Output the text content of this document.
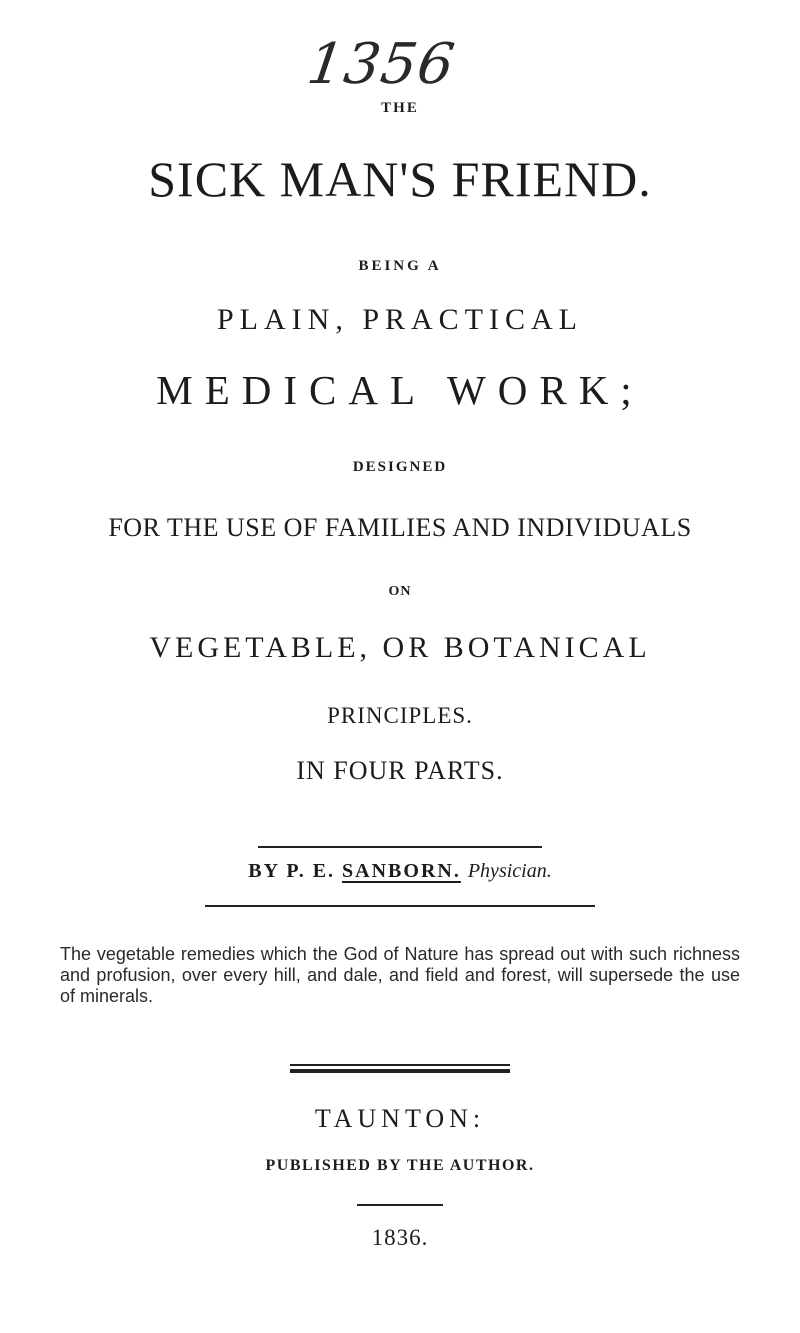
1356
THE
SICK MAN'S FRIEND.
BEING A
PLAIN, PRACTICAL
MEDICAL WORK;
DESIGNED
FOR THE USE OF FAMILIES AND INDIVIDUALS
ON
VEGETABLE, OR BOTANICAL
PRINCIPLES.
IN FOUR PARTS.
BY P. E. SANBORN. Physician.
The vegetable remedies which the God of Nature has spread out with such richness and profusion, over every hill, and dale, and field and forest, will supersede the use of minerals.
TAUNTON:
PUBLISHED BY THE AUTHOR.
1836.
